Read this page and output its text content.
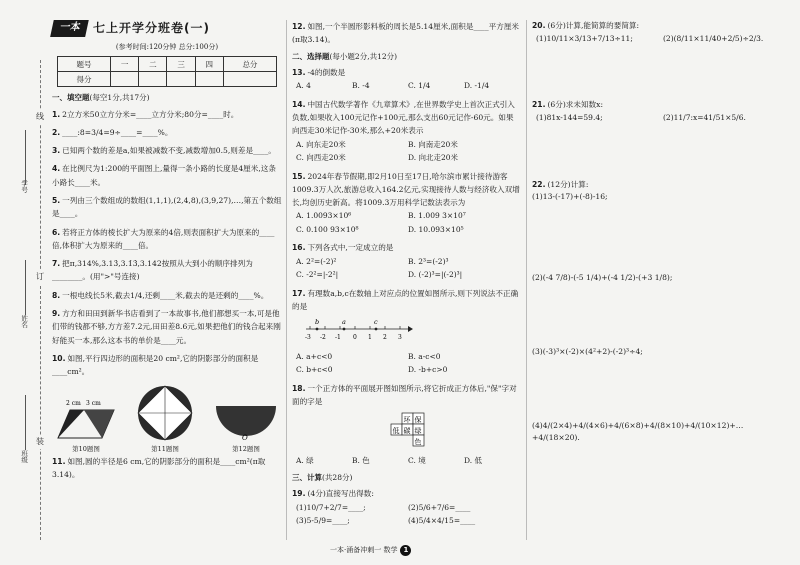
线
订
装
学号
姓名
班级
一本 七上开学分班卷(一)
(参考时间:120分钟 总分:100分)
题号	一	二	三	四	总分
得分					
一、填空题(每空1分,共17分)
1. 2立方米50立方分米=____立方分米;80分=____时。
2. ____:8=3/4=9÷____=____%。
3. 已知两个数的差是a,如果被减数不变,减数增加0.5,则差是____。
4. 在比例尺为1:200的平面图上,量得一条小路的长度是4厘米,这条小路长____米。
5. 一列由三个数组成的数组(1,1,1),(2,4,8),(3,9,27),…,第五个数组是____。
6. 若将正方体的棱长扩大为原来的4倍,则表面积扩大为原来的____倍,体积扩大为原来的____倍。
7. 把π,314%,3.13̇,3.1̇3̇,3.142按照从大到小的顺序排列为________。(用">"号连接)
8. 一根电线长5米,截去1/4,还剩____米,截去的是还剩的____%。
9. 方方和田田到新华书店看到了一本故事书,他们都想买一本,可是他们带的钱都不够,方方差7.2元,田田差8.6元,如果把他们的钱合起来刚好能买一本,那么这本书的单价是____元。
10. 如图,平行四边形的面积是20 cm²,它的阴影部分的面积是____cm²。
2 cm 3 cm
第10题图	第11题图
O
第12题图
11. 如图,圆的半径是6 cm,它的阴影部分的面积是____cm²(π取3.14)。
12. 如图,一个半圆形影料板的周长是5.14厘米,面积是____平方厘米(π取3.14)。
二、选择题(每小题2分,共12分)
13. -4的倒数是
A. 4	B. -4	C. 1/4	D. -1/4
14. 中国古代数学著作《九章算术》,在世界数学史上首次正式引入负数,如果收入100元记作+100元,那么支出60元记作-60元。如果向西走30米记作-30米,那么+20米表示
A. 向东走20米	B. 向南走20米
C. 向西走20米	D. 向北走20米
15. 2024年春节假期,即2月10日至17日,哈尔滨市累计接待游客1009.3万人次,旅游总收入164.2亿元,实现接待人数与经济收入双增长,均创历史新高。将1009.3万用科学记数法表示为
A. 1.0093×10⁶	B. 1.009 3×10⁷
C. 0.100 93×10⁸	D. 10.093×10⁵
16. 下列各式中,一定成立的是
A. 2²=(-2)²	B. 2³=(-2)³
C. -2²=|-2²|	D. (-2)³=|(-2)³|
17. 有理数a,b,c在数轴上对应点的位置如图所示,则下列说法不正确的是
-3 -2 -1 0 1 2 3
b	a	c
A. a+c<0	B. a-c<0
C. b+c<0	D. -b+c>0
18. 一个正方体的平面展开图如图所示,将它折成正方体后,"保"字对面的字是
环 保
低 碳 绿
色
A. 绿	B. 色	C. 境	D. 低
三、计算(共28分)
19. (4分)直接写出得数:
(1)10/7+2/7=____;	(2)5/6+7/6=____
(3)5-5/9=____;	(4)5/4×4/15=____
20. (6分)计算,能简算的要简算:
(1)10/11×3/13+7/13÷11;	(2)(8/11×11/40+2/5)÷2/3.
21. (6分)求未知数x:
(1)81x-144=59.4;	(2)11/7:x=41/51×5/6.
22. (12分)计算:
(1)13-(-17)+(-8)-16;
(2)(-4 7/8)-(-5 1/4)+(-4 1/2)-(+3 1/8);
(3)(-3)³×(-2)×(4²+2)-(-2)³÷4;
(4)4/(2×4)+4/(4×6)+4/(6×8)+4/(8×10)+4/(10×12)+…+4/(18×20).
一本·涌备冲刺一 数学 1
